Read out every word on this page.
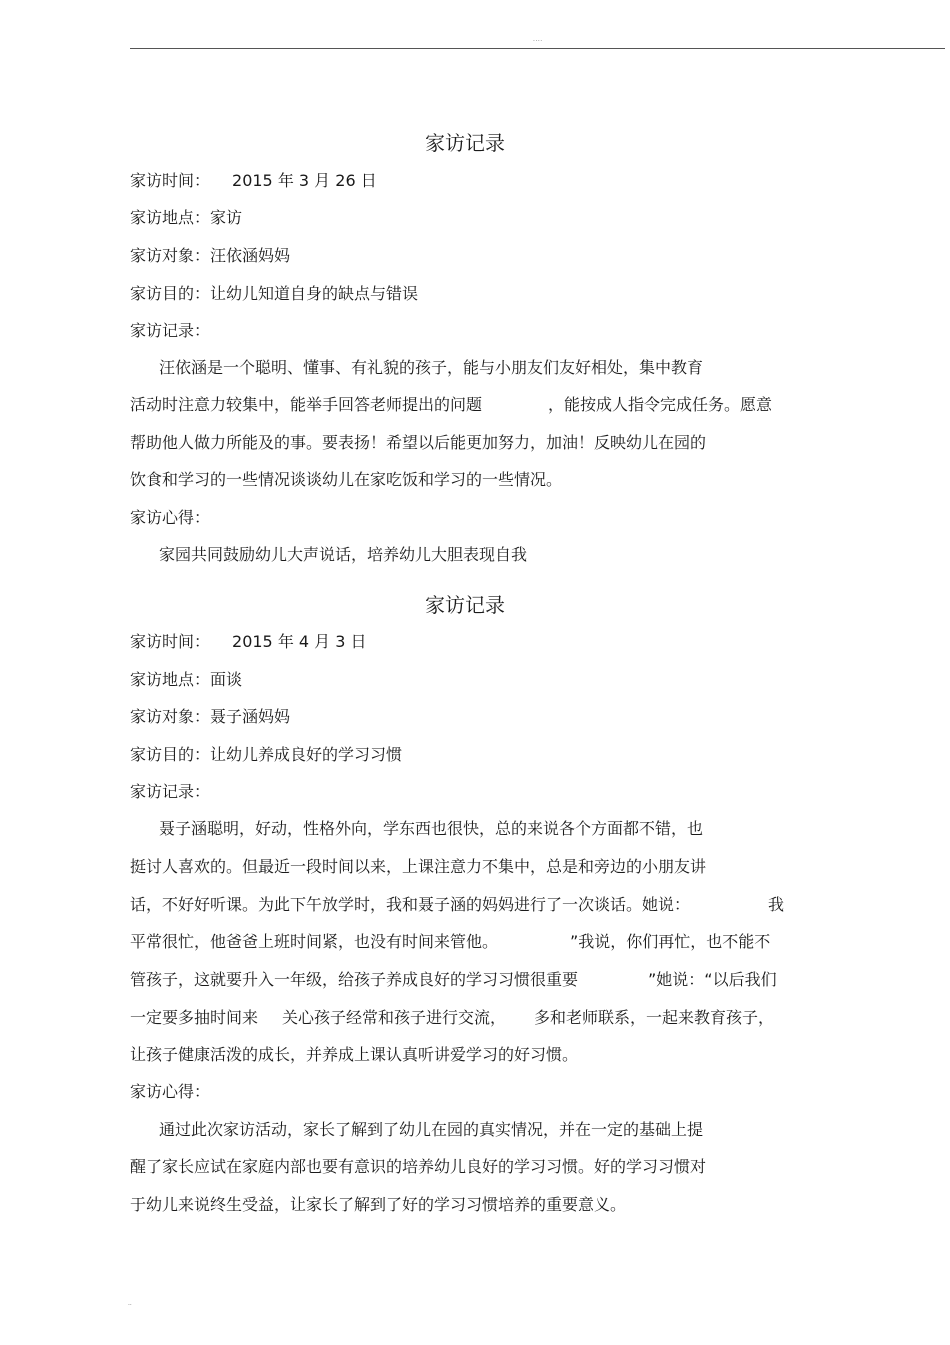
....
家访记录
家访时间： 2015 年 3 月 26 日
家访地点：家访
家访对象：汪依涵妈妈
家访目的：让幼儿知道自身的缺点与错误
家访记录：
汪依涵是一个聪明、懂事、有礼貌的孩子，能与小朋友们友好相处，集中教育
活动时注意力较集中，能举手回答老师提出的问题	，能按成人指令完成任务。愿意
帮助他人做力所能及的事。要表扬！希望以后能更加努力，加油！反映幼儿在园的
饮食和学习的一些情况谈谈幼儿在家吃饭和学习的一些情况。
家访心得：
家园共同鼓励幼儿大声说话，培养幼儿大胆表现自我
家访记录
家访时间： 2015 年 4 月 3 日
家访地点：面谈
家访对象：聂子涵妈妈
家访目的：让幼儿养成良好的学习习惯
家访记录：
聂子涵聪明，好动，性格外向，学东西也很快，总的来说各个方面都不错，也
挺讨人喜欢的。但最近一段时间以来，上课注意力不集中，总是和旁边的小朋友讲
话，不好好听课。为此下午放学时，我和聂子涵的妈妈进行了一次谈话。她说：	我
平常很忙，他爸爸上班时间紧，也没有时间来管他。	”我说，你们再忙，也不能不
管孩子，这就要升入一年级，给孩子养成良好的学习习惯很重要	”她说：“以后我们
一定要多抽时间来 关心孩子经常和孩子进行交流， 多和老师联系，一起来教育孩子，
让孩子健康活泼的成长，并养成上课认真听讲爱学习的好习惯。
家访心得：
通过此次家访活动，家长了解到了幼儿在园的真实情况，并在一定的基础上提
醒了家长应试在家庭内部也要有意识的培养幼儿良好的学习习惯。好的学习习惯对
于幼儿来说终生受益，让家长了解到了好的学习习惯培养的重要意义。
..
